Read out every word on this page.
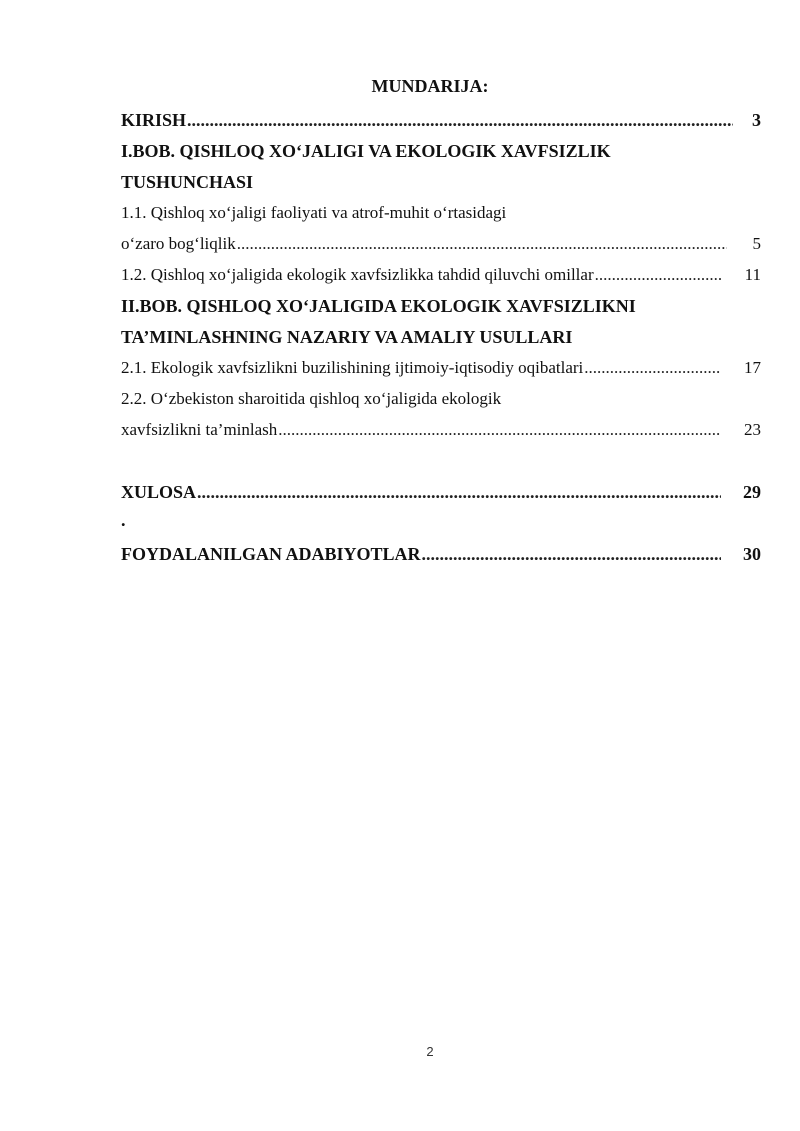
MUNDARIJA:
KIRISH .....	3
I.BOB. QISHLOQ XO‘JALIGI VA EKOLOGIK XAVFSIZLIK
TUSHUNCHASI
1.1. Qishloq xo‘jaligi faoliyati va atrof-muhit o‘rtasidagi
o‘zaro bog‘liqlik .....	5
1.2. Qishloq xo‘jaligida ekologik xavfsizlikka tahdid qiluvchi omillar .....	11
II.BOB. QISHLOQ XO‘JALIGIDA EKOLOGIK XAVFSIZLIKNI
TA’MINLASHNING NAZARIY VA AMALIY USULLARI
2.1. Ekologik xavfsizlikni buzilishining ijtimoiy-iqtisodiy oqibatlari .....	17
2.2. O‘zbekiston sharoitida qishloq xo‘jaligida ekologik
xavfsizlikni ta’minlash .....	23
XULOSA .....	29
.
FOYDALANILGAN ADABIYOTLAR .....	30
2
